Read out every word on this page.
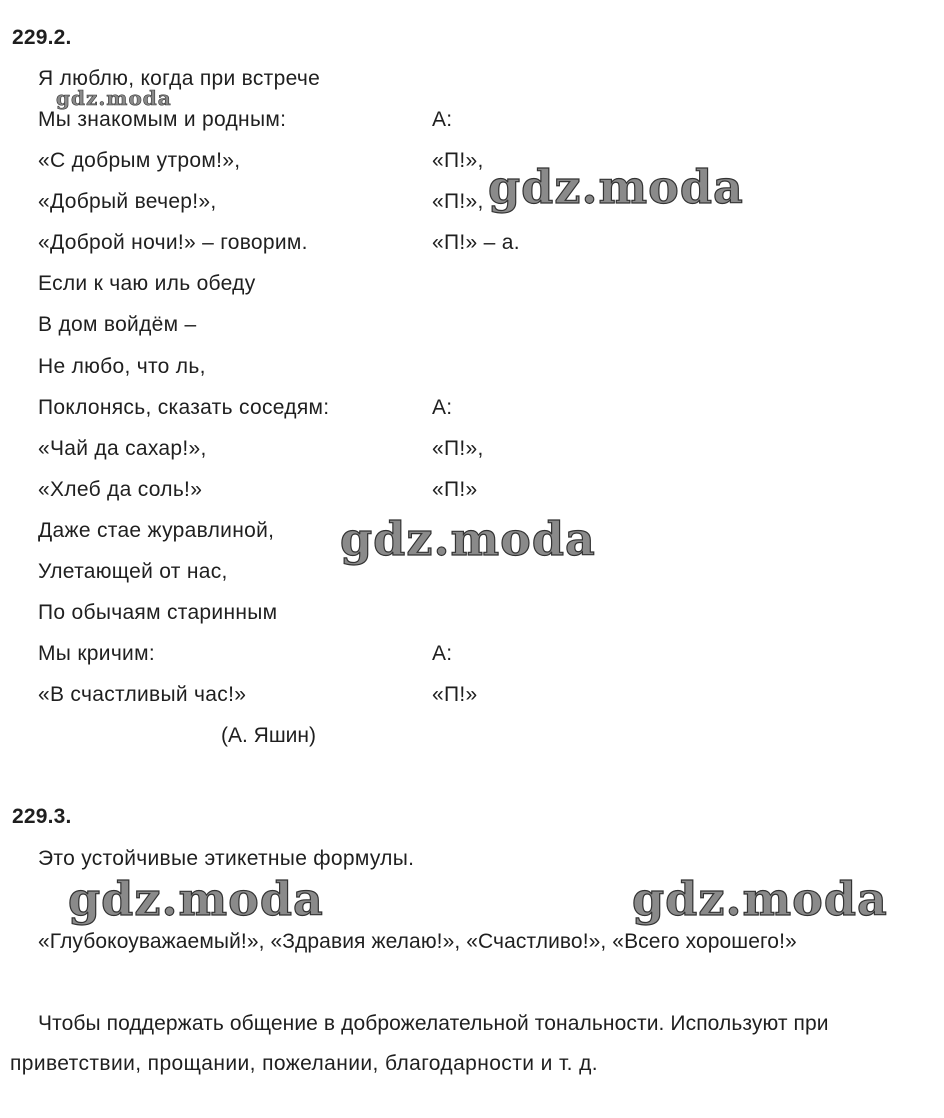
229.2.
Я люблю, когда при встрече
Мы знакомым и родным:
«С добрым утром!»,
«Добрый вечер!»,
«Доброй ночи!» – говорим.
Если к чаю иль обеду
В дом войдём –
Не любо, что ль,
Поклонясь, сказать соседям:
«Чай да сахар!»,
«Хлеб да соль!»
Даже стае журавлиной,
Улетающей от нас,
По обычаям старинным
Мы кричим:
«В счастливый час!»
А:
«П!»,
«П!»,
«П!» – а.
А:
«П!»,
«П!»
А:
«П!»
(А. Яшин)
229.3.
Это устойчивые этикетные формулы.
«Глубокоуважаемый!», «Здравия желаю!», «Счастливо!», «Всего хорошего!»
Чтобы поддержать общение в доброжелательной тональности. Используют при
приветствии, прощании, пожелании, благодарности и т. д.
gdz.moda
gdz.moda
gdz.moda
gdz.moda	gdz.moda
